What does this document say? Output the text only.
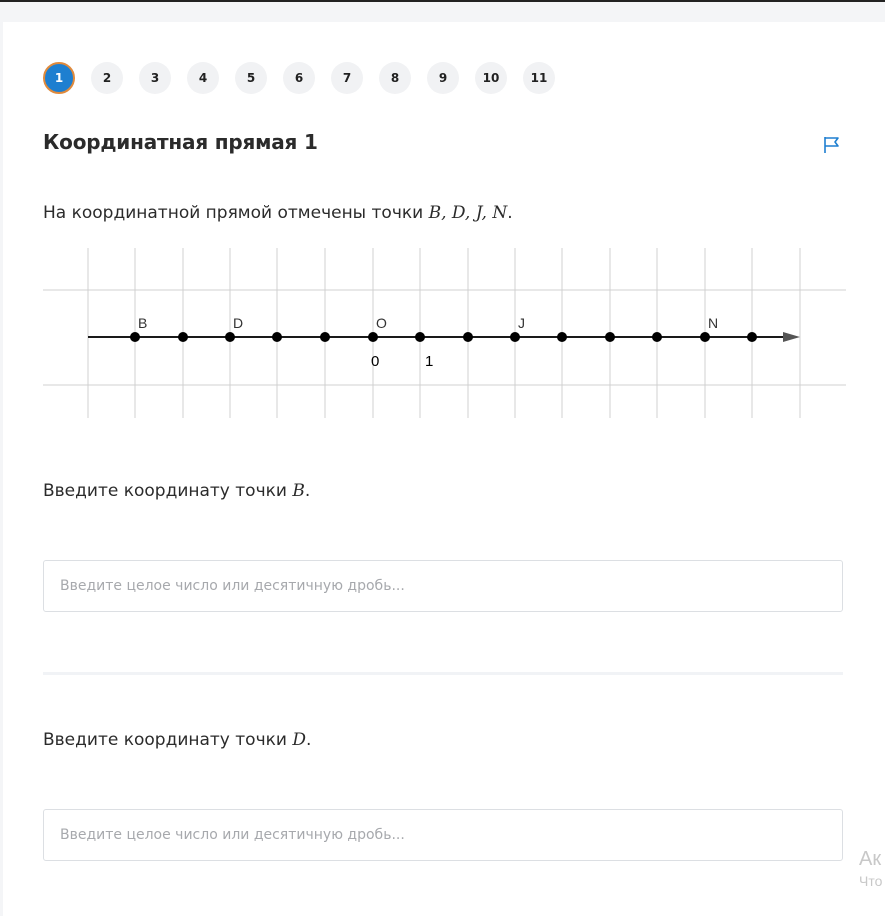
1	2	3	4	5	6	7	8	9	10	11
Координатная прямая 1
На координатной прямой отмечены точки B, D, J, N.
B	D	O	J	N
0	1
Введите координату точки B.
Введите целое число или десятичную дробь...
Введите координату точки D.
Введите целое число или десятичную дробь...
Ак
Что
